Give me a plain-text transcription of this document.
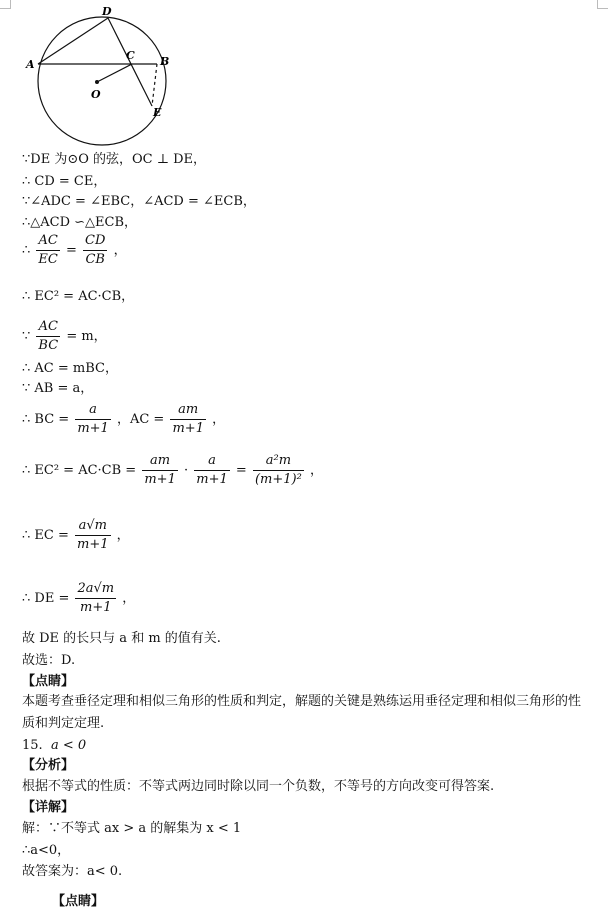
D
A
C B
O
E
∵DE 为⊙O 的弦，OC ⊥ DE，
∴ CD = CE，
∵∠ADC = ∠EBC，∠ACD = ∠ECB，
∴△ACD ∽△ECB，
∴ $\frac{AC}{EC} = \frac{CD}{CB}$ ，
∴ EC² = AC·CB，
∵ $\frac{AC}{BC} = m$，
∴ AC = mBC，
∵ AB = a，
∴ BC = $\frac{a}{m+1}$ ，AC = $\frac{am}{m+1}$ ，
∴ $EC^2 = AC\cdot CB = \frac{am}{m+1} \cdot \frac{a}{m+1} = \frac{\text{a²m}}{\text{(m+1)²}}$ ，
∴ EC = $\frac{a√m}{m+1}$ ，
∴ DE = $\frac{2a√m}{m+1}$ ，
故 DE 的长只与 a 和 m 的值有关.
故选：D.
【点睛】
本题考查垂径定理和相似三角形的性质和判定，解题的关键是熟练运用垂径定理和相似三角形的性质和判定定理.
15. a < 0
【分析】
根据不等式的性质：不等式两边同时除以同一个负数，不等号的方向改变可得答案.
【详解】
解：∵不等式 ax > a 的解集为 x < 1
∴a<0，
故答案为：a< 0.
【点睛】
